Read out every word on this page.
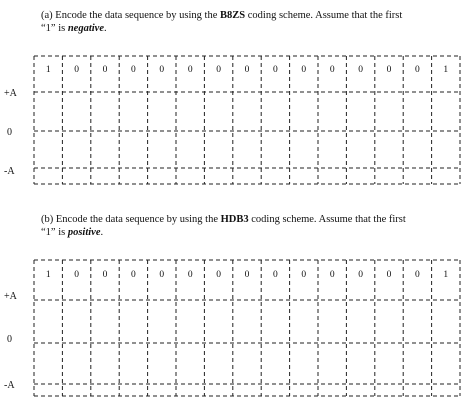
(a) Encode the data sequence by using the B8ZS coding scheme. Assume that the first
“1” is negative.
+A
0
-A
(b) Encode the data sequence by using the HDB3 coding scheme. Assume that the first
“1” is positive.
+A
0
-A
1	0	0	0	0	0	0	0	0	0	0	0	0	0	1
1	0	0	0	0	0	0	0	0	0	0	0	0	0	1
